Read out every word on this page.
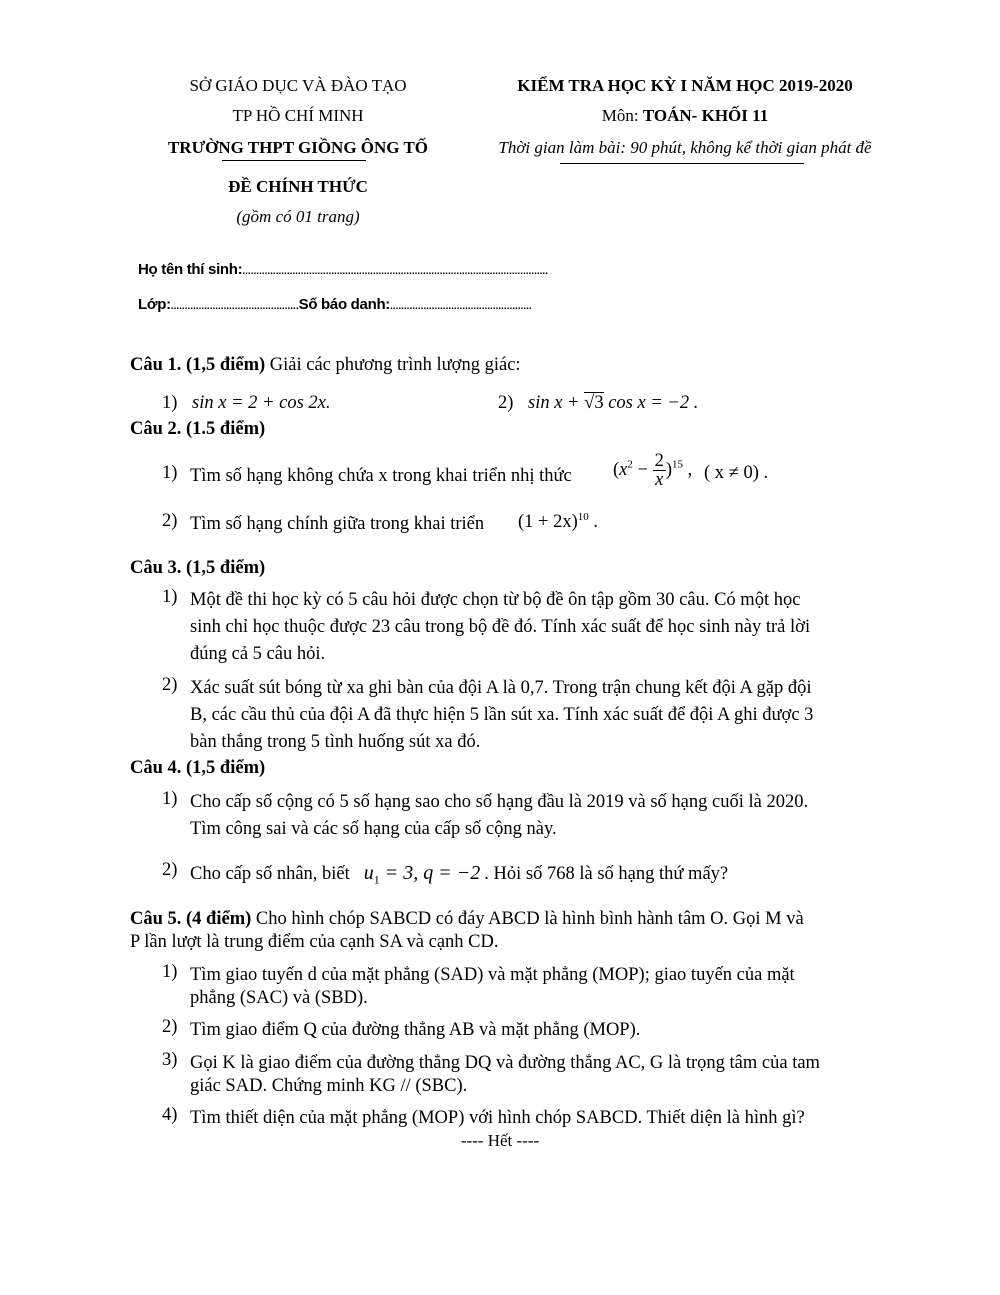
SỞ GIÁO DỤC VÀ ĐÀO TẠO
TP HỒ CHÍ MINH
TRƯỜNG THPT GIỒNG ÔNG TỐ
ĐỀ CHÍNH THỨC
(gồm có 01 trang)
KIỂM TRA HỌC KỲ I NĂM HỌC 2019-2020
Môn: TOÁN- KHỐI 11
Thời gian làm bài: 90 phút, không kể thời gian phát đề
Họ tên thí sinh:..............................................................................................................
Lớp:..............................................Số báo danh:...................................................
Câu 1. (1,5 điểm) Giải các phương trình lượng giác:
1) sin x = 2 + cos 2x.	2) sin x + √3 cos x = −2 .
Câu 2. (1.5 điểm)
1) Tìm số hạng không chứa x trong khai triển nhị thức $(x^2 - \frac{2}{x} )^{15}$ , ( x ≠ 0) .
2) Tìm số hạng chính giữa trong khai triển $(1 + 2x)^{10}$ .
Câu 3. (1,5 điểm)
1) Một đề thi học kỳ có 5 câu hỏi được chọn từ bộ đề ôn tập gồm 30 câu. Có một học
sinh chỉ học thuộc được 23 câu trong bộ đề đó. Tính xác suất để học sinh này trả lời
đúng cả 5 câu hỏi.
2) Xác suất sút bóng từ xa ghi bàn của đội A là 0,7. Trong trận chung kết đội A gặp đội
B, các cầu thủ của đội A đã thực hiện 5 lần sút xa. Tính xác suất để đội A ghi được 3
bàn thắng trong 5 tình huống sút xa đó.
Câu 4. (1,5 điểm)
1) Cho cấp số cộng có 5 số hạng sao cho số hạng đầu là 2019 và số hạng cuối là 2020.
Tìm công sai và các số hạng của cấp số cộng này.
2) Cho cấp số nhân, biết $u_1 = 3$, q = −2 . Hỏi số 768 là số hạng thứ mấy?
Câu 5. (4 điểm) Cho hình chóp SABCD có đáy ABCD là hình bình hành tâm O. Gọi M và
P lần lượt là trung điểm của cạnh SA và cạnh CD.
1) Tìm giao tuyến d của mặt phẳng (SAD) và mặt phẳng (MOP); giao tuyến của mặt
phẳng (SAC) và (SBD).
2) Tìm giao điểm Q của đường thẳng AB và mặt phẳng (MOP).
3) Gọi K là giao điểm của đường thẳng DQ và đường thẳng AC, G là trọng tâm của tam
giác SAD. Chứng minh KG // (SBC).
4) Tìm thiết diện của mặt phẳng (MOP) với hình chóp SABCD. Thiết diện là hình gì?
---- Hết ----
